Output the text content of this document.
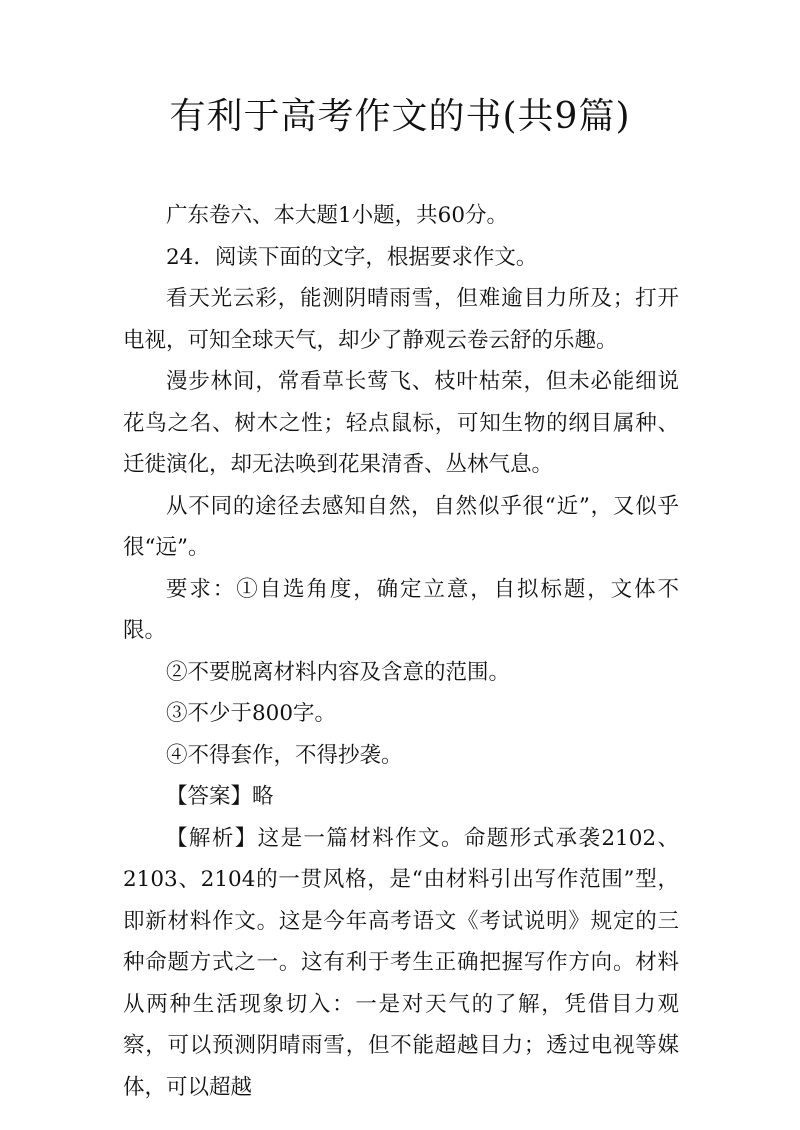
有利于高考作文的书(共9篇)

广东卷六、本大题1小题，共60分。

24．阅读下面的文字，根据要求作文。

看天光云彩，能测阴晴雨雪，但难逾目力所及；打开电视，可知全球天气，却少了静观云卷云舒的乐趣。

漫步林间，常看草长莺飞、枝叶枯荣，但未必能细说花鸟之名、树木之性；轻点鼠标，可知生物的纲目属种、迁徙演化，却无法唤到花果清香、丛林气息。

从不同的途径去感知自然，自然似乎很“近”，又似乎很“远”。

要求：①自选角度，确定立意，自拟标题，文体不限。

②不要脱离材料内容及含意的范围。

③不少于800字。

④不得套作，不得抄袭。

【答案】略

【解析】这是一篇材料作文。命题形式承袭2102、2103、2104的一贯风格，是“由材料引出写作范围”型，即新材料作文。这是今年高考语文《考试说明》规定的三种命题方式之一。这有利于考生正确把握写作方向。材料从两种生活现象切入：一是对天气的了解，凭借目力观察，可以预测阴晴雨雪，但不能超越目力；透过电视等媒体，可以超越
